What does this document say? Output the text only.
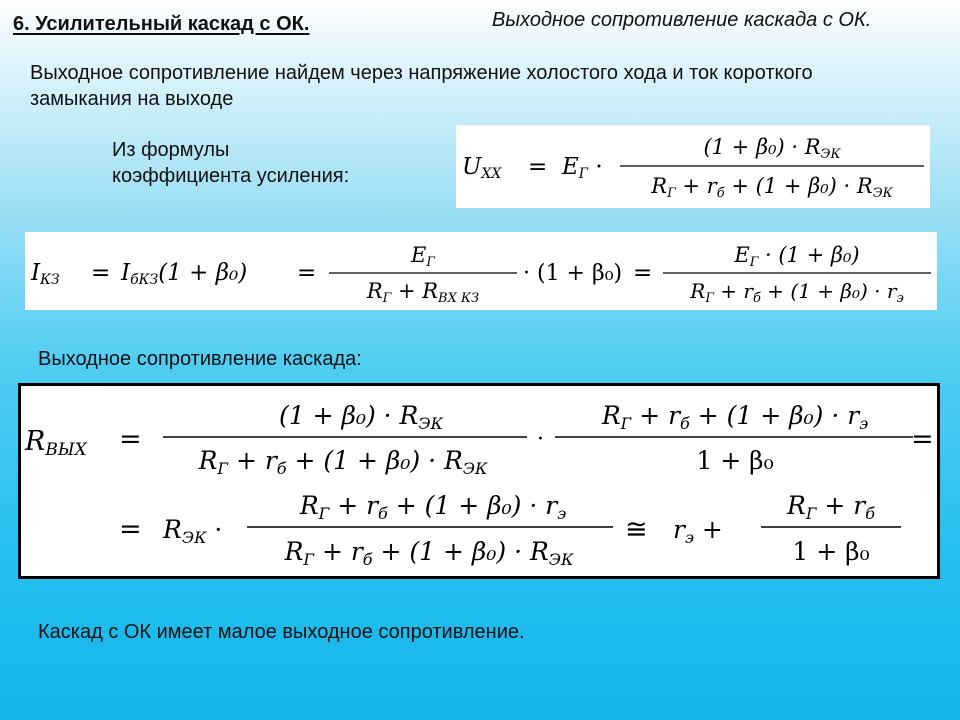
6. Усилительный каскад с ОК.	Выходное сопротивление каскада с ОК.
Выходное сопротивление найдем через напряжение холостого хода и ток короткого замыкания на выходе
Из формулы
коэффициента усиления:	UХХ = EГ ·
(1 + β₀) · RЭК
RГ + rб + (1 + β₀) · RЭК
IКЗ = IбКЗ(1 + β₀) =
EГ
RГ + RВХ КЗ
· (1 + β₀) =
EГ · (1 + β₀)
$R_Г + r_б + (1 + \beta_0) \cdot r_э$
Выходное сопротивление каскада:
RВЫХ =
$(1 + \beta_0) \cdot R_{ЭК}$
$R_Г + r_б + (1 + \beta_0) \cdot R_{ЭК}$
·
$R_Г + r_б + (1 + \beta_0) \cdot r_э$
1 + β₀
=
= $R_{ЭК}$ ·
$R_Г + r_б + (1 + \beta_0) \cdot r_э$
$R_Г + r_б + (1 + \beta_0) \cdot R_{ЭК}$
≅ $r_э$ +
$R_Г + r_б$
1 + β₀
Каскад с ОК имеет малое выходное сопротивление.
